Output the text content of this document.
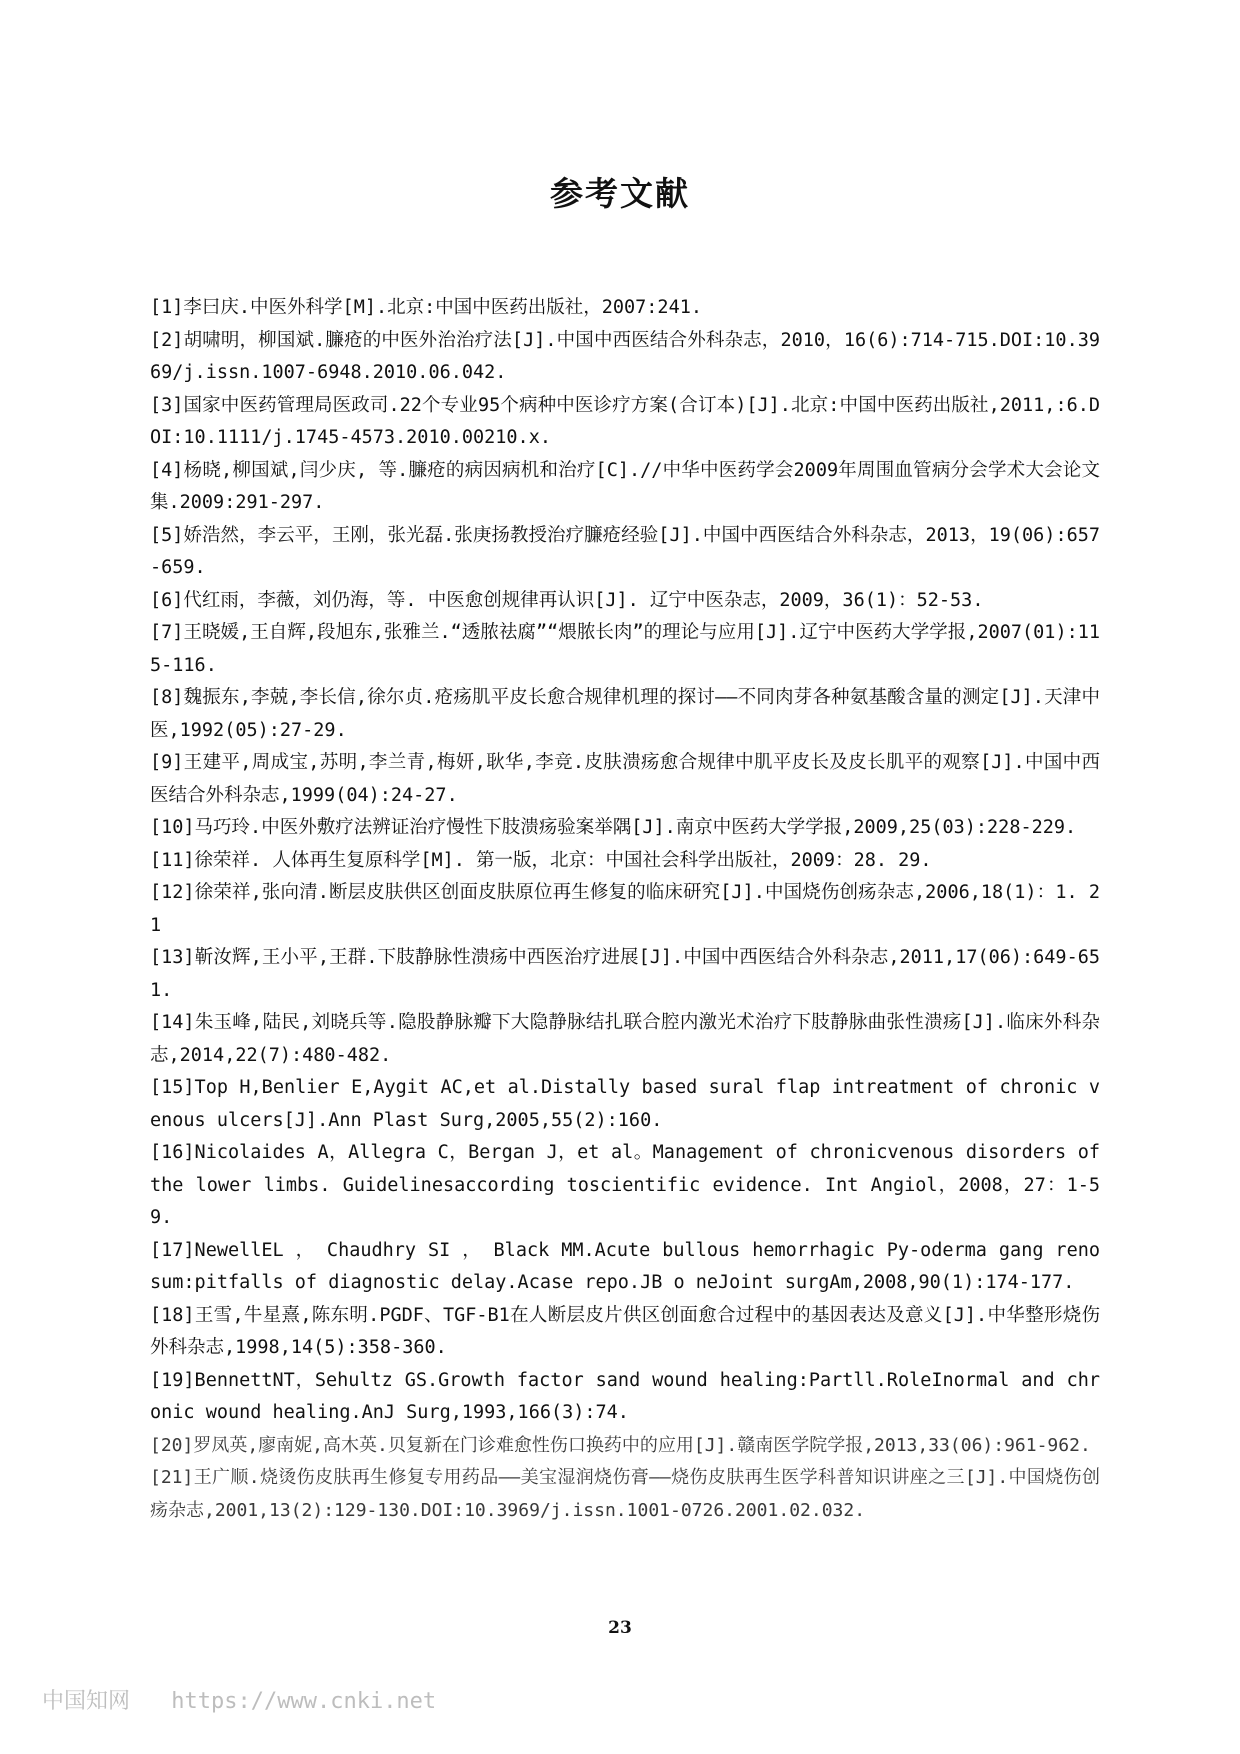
参考文献
[1]李曰庆.中医外科学[M].北京:中国中医药出版社，2007:241.
[2]胡啸明，柳国斌.臁疮的中医外治治疗法[J].中国中西医结合外科杂志，2010，16(6):714-715.DOI:10.3969/j.issn.1007-6948.2010.06.042.
[3]国家中医药管理局医政司.22个专业95个病种中医诊疗方案(合订本)[J].北京:中国中医药出版社,2011,:6.DOI:10.1111/j.1745-4573.2010.00210.x.
[4]杨晓,柳国斌,闫少庆, 等.臁疮的病因病机和治疗[C].//中华中医药学会2009年周围血管病分会学术大会论文集.2009:291-297.
[5]娇浩然，李云平，王刚，张光磊.张庚扬教授治疗臁疮经验[J].中国中西医结合外科杂志，2013，19(06):657-659.
[6]代红雨，李薇，刘仍海，等. 中医愈创规律再认识[J]. 辽宁中医杂志，2009，36(1)：52-53.
[7]王晓媛,王自辉,段旭东,张雅兰.“透脓祛腐”“煨脓长肉”的理论与应用[J].辽宁中医药大学学报,2007(01):115-116.
[8]魏振东,李兢,李长信,徐尔贞.疮疡肌平皮长愈合规律机理的探讨——不同肉芽各种氨基酸含量的测定[J].天津中医,1992(05):27-29.
[9]王建平,周成宝,苏明,李兰青,梅妍,耿华,李竞.皮肤溃疡愈合规律中肌平皮长及皮长肌平的观察[J].中国中西医结合外科杂志,1999(04):24-27.
[10]马巧玲.中医外敷疗法辨证治疗慢性下肢溃疡验案举隅[J].南京中医药大学学报,2009,25(03):228-229.
[11]徐荣祥. 人体再生复原科学[M]. 第一版，北京：中国社会科学出版社，2009：28. 29.
[12]徐荣祥,张向清.断层皮肤供区创面皮肤原位再生修复的临床研究[J].中国烧伤创疡杂志,2006,18(1)：1. 21
[13]靳汝辉,王小平,王群.下肢静脉性溃疡中西医治疗进展[J].中国中西医结合外科杂志,2011,17(06):649-651.
[14]朱玉峰,陆民,刘晓兵等.隐股静脉瓣下大隐静脉结扎联合腔内激光术治疗下肢静脉曲张性溃疡[J].临床外科杂志,2014,22(7):480-482.
[15]Top H,Benlier E,Aygit AC,et al.Distally based sural flap intreatment of chronic venous ulcers[J].Ann Plast Surg,2005,55(2):160.
[16]Nicolaides A，Allegra C，Bergan J，et al。Management of chronicvenous disorders of the lower limbs. Guidelinesaccording toscientific evidence. Int Angiol，2008，27：1-59.
[17]NewellEL ， Chaudhry SI ， Black MM.Acute bullous hemorrhagic Py-oderma gang renosum:pitfalls of diagnostic delay.Acase repo.JB o neJoint surgAm,2008,90(1):174-177.
[18]王雪,牛星熹,陈东明.PGDF、TGF-Β1在人断层皮片供区创面愈合过程中的基因表达及意义[J].中华整形烧伤外科杂志,1998,14(5):358-360.
[19]BennettNT，Sehultz GS.Growth factor sand wound healing:Partll.RoleInormal and chronic wound healing.AnJ Surg,1993,166(3):74.
[20]罗凤英,廖南妮,高木英.贝复新在门诊难愈性伤口换药中的应用[J].赣南医学院学报,2013,33(06):961-962.
[21]王广顺.烧烫伤皮肤再生修复专用药品——美宝湿润烧伤膏——烧伤皮肤再生医学科普知识讲座之三[J].中国烧伤创疡杂志,2001,13(2):129-130.DOI:10.3969/j.issn.1001-0726.2001.02.032.
23
中国知网 https://www.cnki.net
